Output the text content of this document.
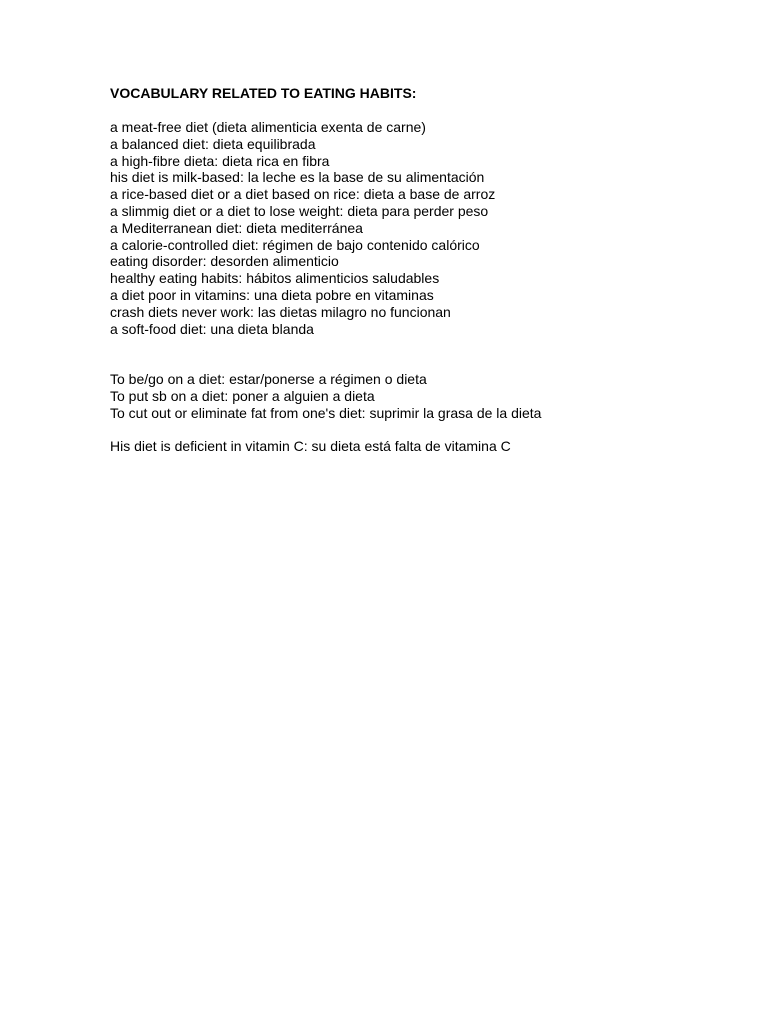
VOCABULARY RELATED TO EATING HABITS:
a meat-free diet (dieta alimenticia exenta de carne)
a balanced diet: dieta equilibrada
a high-fibre dieta: dieta rica en fibra
his diet is milk-based: la leche es la base de su alimentación
a rice-based diet or a diet based on rice: dieta a base de arroz
a slimmig diet or a diet to lose weight: dieta para perder peso
a Mediterranean diet: dieta mediterránea
a calorie-controlled diet: régimen de bajo contenido calórico
eating disorder: desorden alimenticio
healthy eating habits: hábitos alimenticios saludables
a diet poor in vitamins: una dieta pobre en vitaminas
crash diets never work: las dietas milagro no funcionan
a soft-food diet: una dieta blanda
To be/go on a diet: estar/ponerse a régimen o dieta
To put sb on a diet: poner a alguien a dieta
To cut out or eliminate fat from one's diet: suprimir la grasa de la dieta
His diet is deficient in vitamin C: su dieta está falta de vitamina C
